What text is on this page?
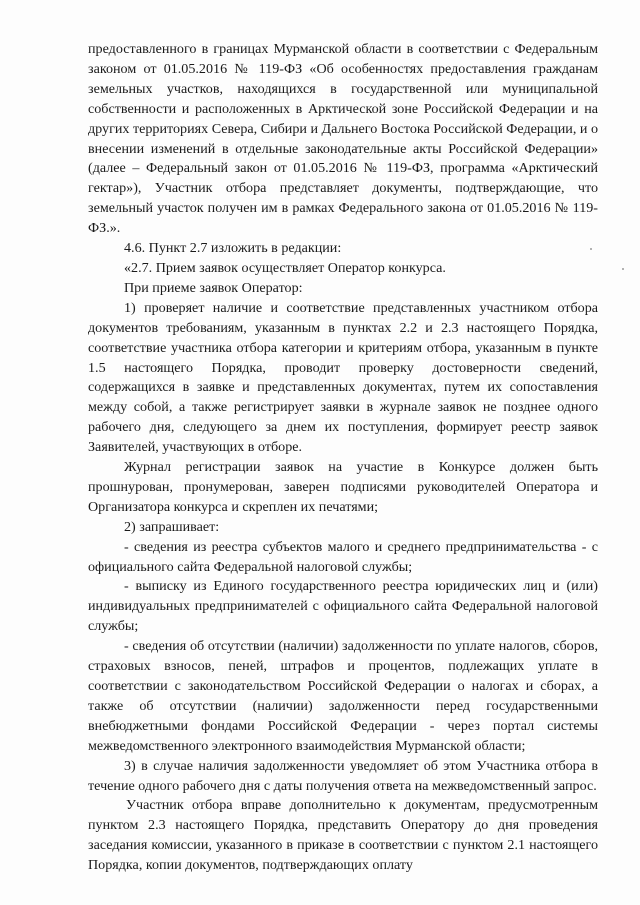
предоставленного в границах Мурманской области в соответствии с Федеральным законом от 01.05.2016 № 119-ФЗ «Об особенностях предоставления гражданам земельных участков, находящихся в государственной или муниципальной собственности и расположенных в Арктической зоне Российской Федерации и на других территориях Севера, Сибири и Дальнего Востока Российской Федерации, и о внесении изменений в отдельные законодательные акты Российской Федерации» (далее – Федеральный закон от 01.05.2016 № 119-ФЗ, программа «Арктический гектар»), Участник отбора представляет документы, подтверждающие, что земельный участок получен им в рамках Федерального закона от 01.05.2016 № 119-ФЗ.».

4.6. Пункт 2.7 изложить в редакции:

«2.7. Прием заявок осуществляет Оператор конкурса.

При приеме заявок Оператор:

1) проверяет наличие и соответствие представленных участником отбора документов требованиям, указанным в пунктах 2.2 и 2.3 настоящего Порядка, соответствие участника отбора категории и критериям отбора, указанным в пункте 1.5 настоящего Порядка, проводит проверку достоверности сведений, содержащихся в заявке и представленных документах, путем их сопоставления между собой, а также регистрирует заявки в журнале заявок не позднее одного рабочего дня, следующего за днем их поступления, формирует реестр заявок Заявителей, участвующих в отборе.

Журнал регистрации заявок на участие в Конкурсе должен быть прошнурован, пронумерован, заверен подписями руководителей Оператора и Организатора конкурса и скреплен их печатями;

2) запрашивает:

- сведения из реестра субъектов малого и среднего предпринимательства - с официального сайта Федеральной налоговой службы;

- выписку из Единого государственного реестра юридических лиц и (или) индивидуальных предпринимателей с официального сайта Федеральной налоговой службы;

- сведения об отсутствии (наличии) задолженности по уплате налогов, сборов, страховых взносов, пеней, штрафов и процентов, подлежащих уплате в соответствии с законодательством Российской Федерации о налогах и сборах, а также об отсутствии (наличии) задолженности перед государственными внебюджетными фондами Российской Федерации - через портал системы межведомственного электронного взаимодействия Мурманской области;

3) в случае наличия задолженности уведомляет об этом Участника отбора в течение одного рабочего дня с даты получения ответа на межведомственный запрос.

Участник отбора вправе дополнительно к документам, предусмотренным пунктом 2.3 настоящего Порядка, представить Оператору до дня проведения заседания комиссии, указанного в приказе в соответствии с пунктом 2.1 настоящего Порядка, копии документов, подтверждающих оплату
